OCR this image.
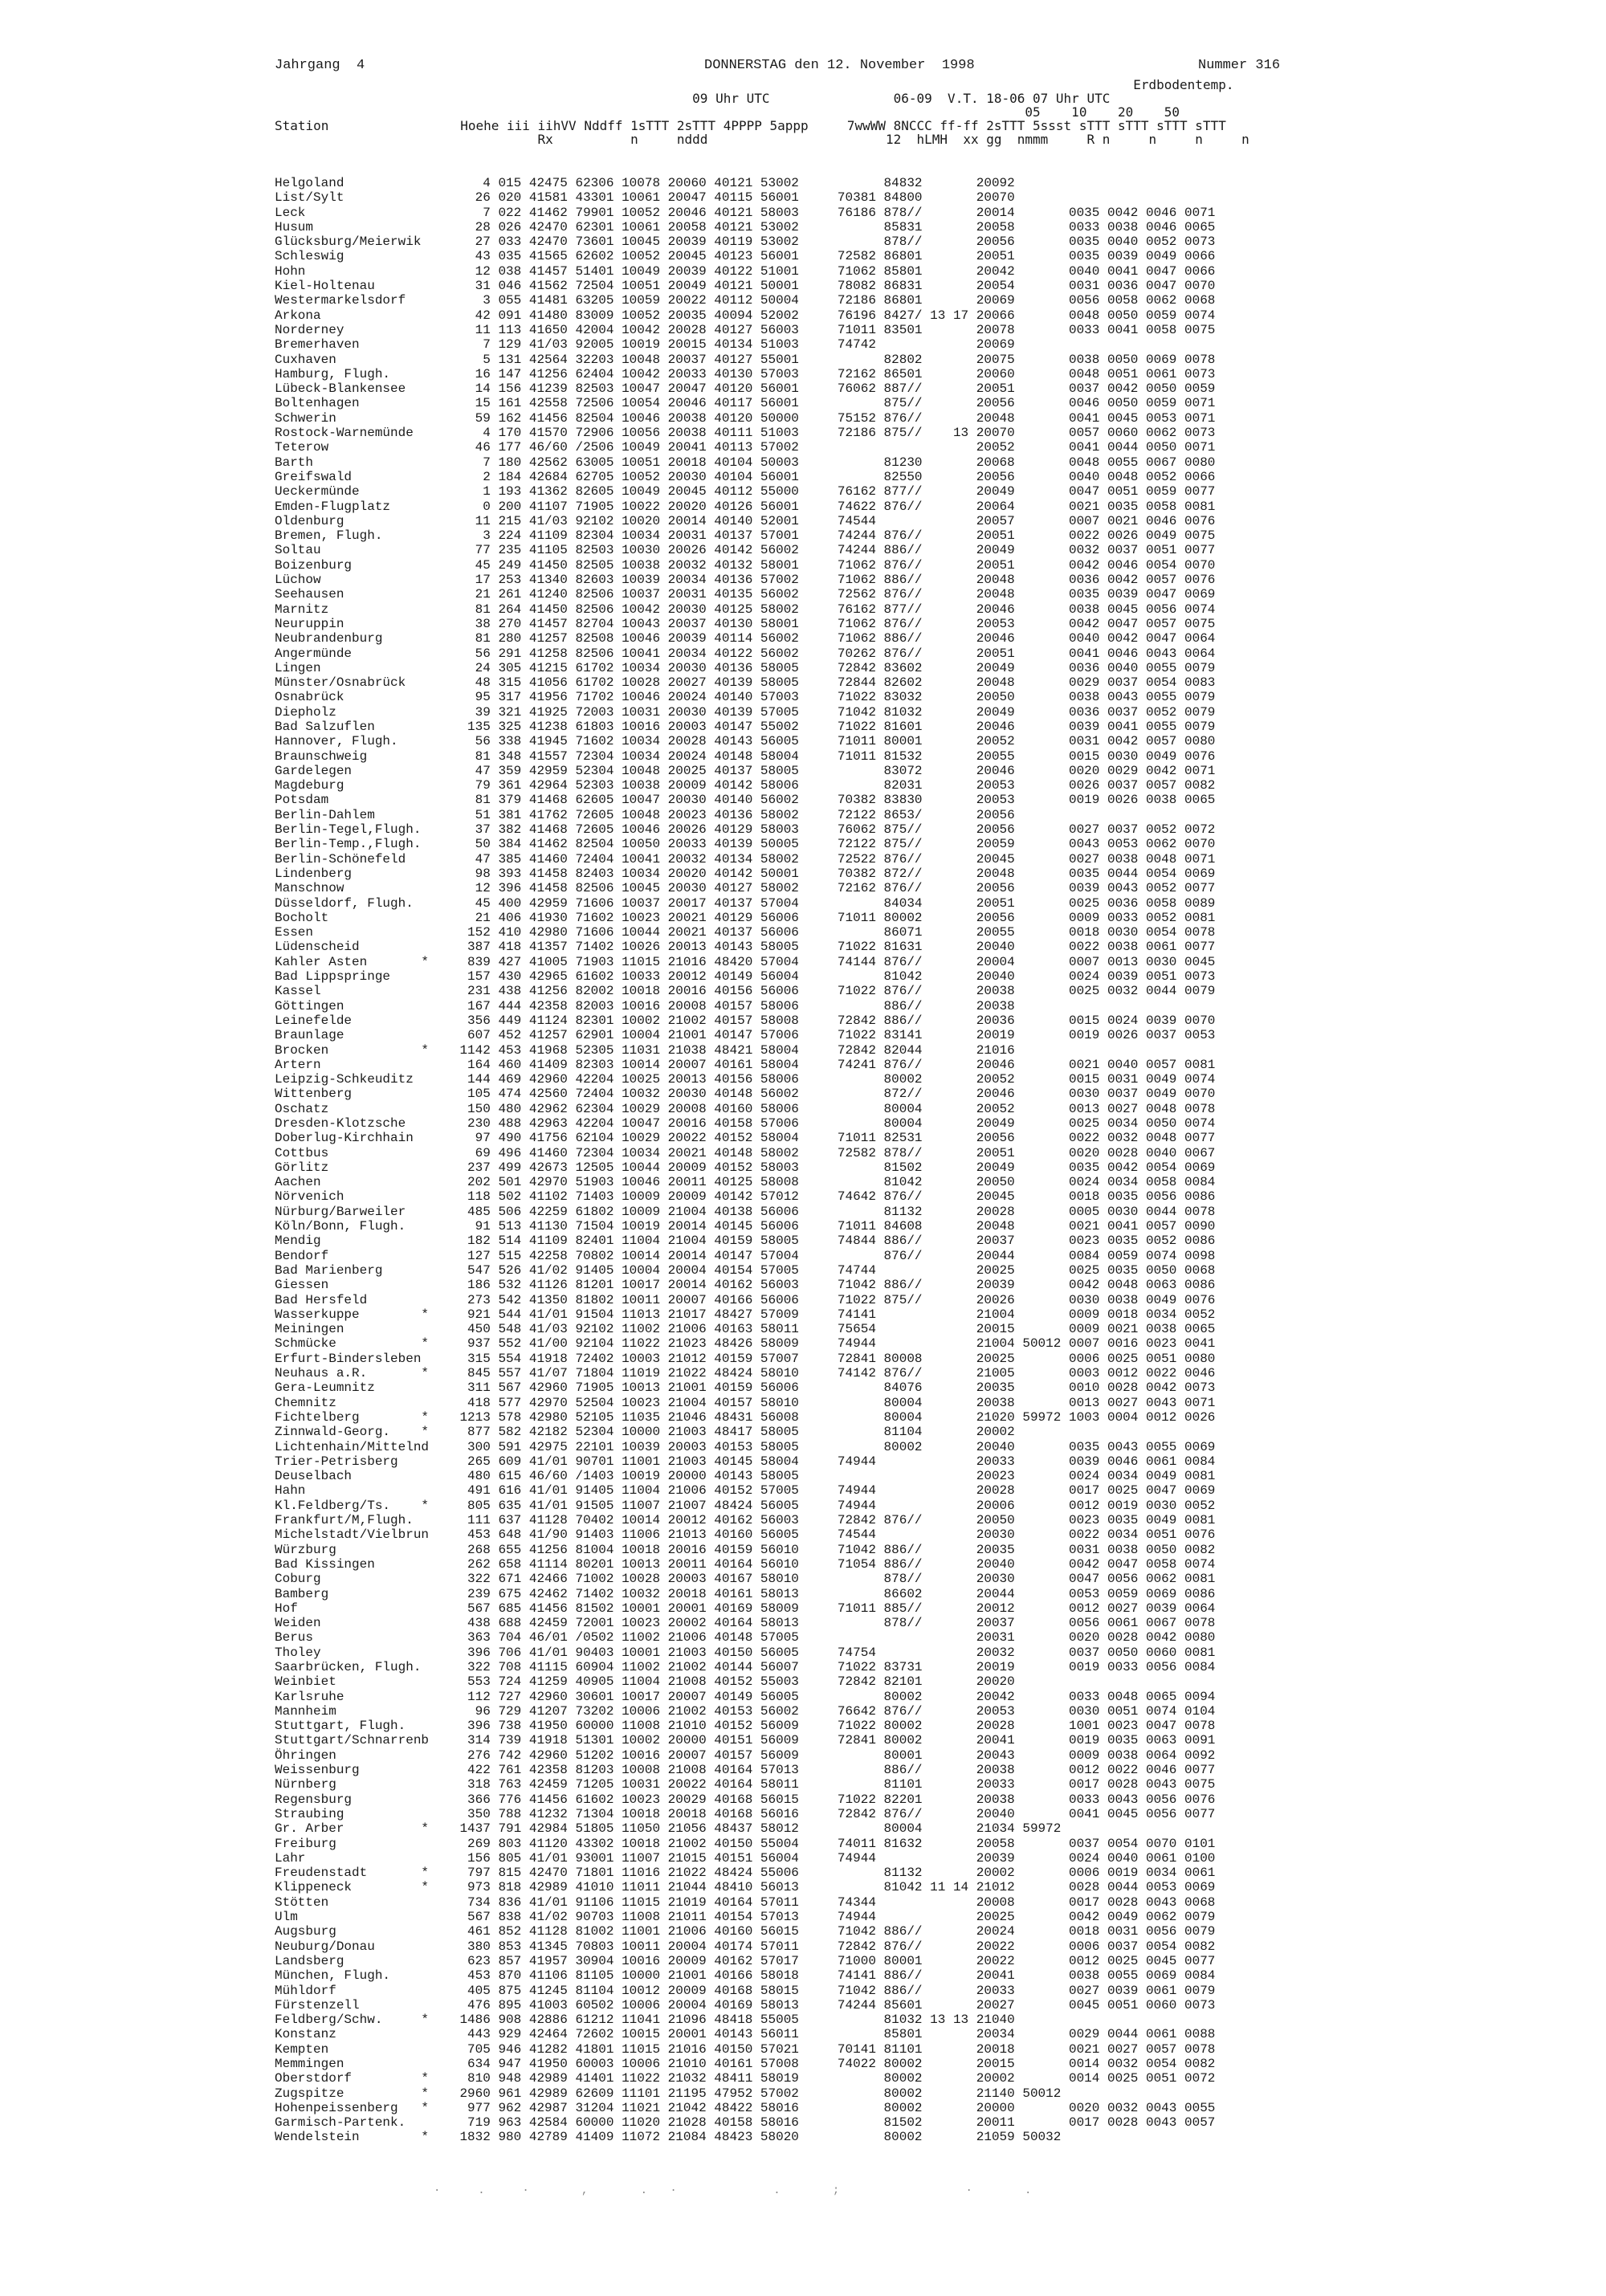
Jahrgang  4	DONNERSTAG den 12. November  1998	Nummer 316
Erdbodentemp.
09 Uhr UTC                06-09  V.T. 18-06 07 Uhr UTC
05    10    20    50
Station                 Hoehe iii iihVV Nddff 1sTTT 2sTTT 4PPPP 5appp     7wwWW 8NCCC ff-ff 2sTTT 5ssst sTTT sTTT sTTT sTTT
Rx          n     nddd                       12  hLMH  xx gg  nmmm     R n     n     n     n
Helgoland                  4 015 42475 62306 10078 20060 40121 53002           84832       20092
List/Sylt                 26 020 41581 43301 10061 20047 40115 56001     70381 84800       20070
Leck                       7 022 41462 79901 10052 20046 40121 58003     76186 878//       20014       0035 0042 0046 0071
Husum                     28 026 42470 62301 10061 20058 40121 53002           85831       20058       0033 0038 0046 0065
Glücksburg/Meierwik       27 033 42470 73601 10045 20039 40119 53002           878//       20056       0035 0040 0052 0073
Schleswig                 43 035 41565 62602 10052 20045 40123 56001     72582 86801       20051       0035 0039 0049 0066
Hohn                      12 038 41457 51401 10049 20039 40122 51001     71062 85801       20042       0040 0041 0047 0066
Kiel-Holtenau             31 046 41562 72504 10051 20049 40121 50001     78082 86831       20054       0031 0036 0047 0070
Westermarkelsdorf          3 055 41481 63205 10059 20022 40112 50004     72186 86801       20069       0056 0058 0062 0068
Arkona                    42 091 41480 83009 10052 20035 40094 52002     76196 8427/ 13 17 20066       0048 0050 0059 0074
Norderney                 11 113 41650 42004 10042 20028 40127 56003     71011 83501       20078       0033 0041 0058 0075
Bremerhaven                7 129 41/03 92005 10019 20015 40134 51003     74742             20069
Cuxhaven                   5 131 42564 32203 10048 20037 40127 55001           82802       20075       0038 0050 0069 0078
Hamburg, Flugh.           16 147 41256 62404 10042 20033 40130 57003     72162 86501       20060       0048 0051 0061 0073
Lübeck-Blankensee         14 156 41239 82503 10047 20047 40120 56001     76062 887//       20051       0037 0042 0050 0059
Boltenhagen               15 161 42558 72506 10054 20046 40117 56001           875//       20056       0046 0050 0059 0071
Schwerin                  59 162 41456 82504 10046 20038 40120 50000     75152 876//       20048       0041 0045 0053 0071
Rostock-Warnemünde         4 170 41570 72906 10056 20038 40111 51003     72186 875//    13 20070       0057 0060 0062 0073
Teterow                   46 177 46/60 /2506 10049 20041 40113 57002                       20052       0041 0044 0050 0071
Barth                      7 180 42562 63005 10051 20018 40104 50003           81230       20068       0048 0055 0067 0080
Greifswald                 2 184 42684 62705 10052 20030 40104 56001           82550       20056       0040 0048 0052 0066
Ueckermünde                1 193 41362 82605 10049 20045 40112 55000     76162 877//       20049       0047 0051 0059 0077
Emden-Flugplatz            0 200 41107 71905 10022 20020 40126 56001     74622 876//       20064       0021 0035 0058 0081
Oldenburg                 11 215 41/03 92102 10020 20014 40140 52001     74544             20057       0007 0021 0046 0076
Bremen, Flugh.             3 224 41109 82304 10034 20031 40137 57001     74244 876//       20051       0022 0026 0049 0075
Soltau                    77 235 41105 82503 10030 20026 40142 56002     74244 886//       20049       0032 0037 0051 0077
Boizenburg                45 249 41450 82505 10038 20032 40132 58001     71062 876//       20051       0042 0046 0054 0070
Lüchow                    17 253 41340 82603 10039 20034 40136 57002     71062 886//       20048       0036 0042 0057 0076
Seehausen                 21 261 41240 82506 10037 20031 40135 56002     72562 876//       20048       0035 0039 0047 0069
Marnitz                   81 264 41450 82506 10042 20030 40125 58002     76162 877//       20046       0038 0045 0056 0074
Neuruppin                 38 270 41457 82704 10043 20037 40130 58001     71062 876//       20053       0042 0047 0057 0075
Neubrandenburg            81 280 41257 82508 10046 20039 40114 56002     71062 886//       20046       0040 0042 0047 0064
Angermünde                56 291 41258 82506 10041 20034 40122 56002     70262 876//       20051       0041 0046 0043 0064
Lingen                    24 305 41215 61702 10034 20030 40136 58005     72842 83602       20049       0036 0040 0055 0079
Münster/Osnabrück         48 315 41056 61702 10028 20027 40139 58005     72844 82602       20048       0029 0037 0054 0083
Osnabrück                 95 317 41956 71702 10046 20024 40140 57003     71022 83032       20050       0038 0043 0055 0079
Diepholz                  39 321 41925 72003 10031 20030 40139 57005     71042 81032       20049       0036 0037 0052 0079
Bad Salzuflen            135 325 41238 61803 10016 20003 40147 55002     71022 81601       20046       0039 0041 0055 0079
Hannover, Flugh.          56 338 41945 71602 10034 20028 40143 56005     71011 80001       20052       0031 0042 0057 0080
Braunschweig              81 348 41557 72304 10034 20024 40148 58004     71011 81532       20055       0015 0030 0049 0076
Gardelegen                47 359 42959 52304 10048 20025 40137 58005           83072       20046       0020 0029 0042 0071
Magdeburg                 79 361 42964 52303 10038 20009 40142 58006           82031       20053       0026 0037 0057 0082
Potsdam                   81 379 41468 62605 10047 20030 40140 56002     70382 83830       20053       0019 0026 0038 0065
Berlin-Dahlem             51 381 41762 72605 10048 20023 40136 58002     72122 8653/       20056
Berlin-Tegel,Flugh.       37 382 41468 72605 10046 20026 40129 58003     76062 875//       20056       0027 0037 0052 0072
Berlin-Temp.,Flugh.       50 384 41462 82504 10050 20033 40139 50005     72122 875//       20059       0043 0053 0062 0070
Berlin-Schönefeld         47 385 41460 72404 10041 20032 40134 58002     72522 876//       20045       0027 0038 0048 0071
Lindenberg                98 393 41458 82403 10034 20020 40142 50001     70382 872//       20048       0035 0044 0054 0069
Manschnow                 12 396 41458 82506 10045 20030 40127 58002     72162 876//       20056       0039 0043 0052 0077
Düsseldorf, Flugh.        45 400 42959 71606 10037 20017 40137 57004           84034       20051       0025 0036 0058 0089
Bocholt                   21 406 41930 71602 10023 20021 40129 56006     71011 80002       20056       0009 0033 0052 0081
Essen                    152 410 42980 71606 10044 20021 40137 56006           86071       20055       0018 0030 0054 0078
Lüdenscheid              387 418 41357 71402 10026 20013 40143 58005     71022 81631       20040       0022 0038 0061 0077
Kahler Asten       *     839 427 41005 71903 11015 21016 48420 57004     74144 876//       20004       0007 0013 0030 0045
Bad Lippspringe          157 430 42965 61602 10033 20012 40149 56004           81042       20040       0024 0039 0051 0073
Kassel                   231 438 41256 82002 10018 20016 40156 56006     71022 876//       20038       0025 0032 0044 0079
Göttingen                167 444 42358 82003 10016 20008 40157 58006           886//       20038
Leinefelde               356 449 41124 82301 10002 21002 40157 58008     72842 886//       20036       0015 0024 0039 0070
Braunlage                607 452 41257 62901 10004 21001 40147 57006     71022 83141       20019       0019 0026 0037 0053
Brocken            *    1142 453 41968 52305 11031 21038 48421 58004     72842 82044       21016
Artern                   164 460 41409 82303 10014 20007 40161 58004     74241 876//       20046       0021 0040 0057 0081
Leipzig-Schkeuditz       144 469 42960 42204 10025 20013 40156 58006           80002       20052       0015 0031 0049 0074
Wittenberg               105 474 42560 72404 10032 20030 40148 56002           872//       20046       0030 0037 0049 0070
Oschatz                  150 480 42962 62304 10029 20008 40160 58006           80004       20052       0013 0027 0048 0078
Dresden-Klotzsche        230 488 42963 42204 10047 20016 40158 57006           80004       20049       0025 0034 0050 0074
Doberlug-Kirchhain        97 490 41756 62104 10029 20022 40152 58004     71011 82531       20056       0022 0032 0048 0077
Cottbus                   69 496 41460 72304 10034 20021 40148 58002     72582 878//       20051       0020 0028 0040 0067
Görlitz                  237 499 42673 12505 10044 20009 40152 58003           81502       20049       0035 0042 0054 0069
Aachen                   202 501 42970 51903 10046 20011 40125 58008           81042       20050       0024 0034 0058 0084
Nörvenich                118 502 41102 71403 10009 20009 40142 57012     74642 876//       20045       0018 0035 0056 0086
Nürburg/Barweiler        485 506 42259 61802 10009 21004 40138 56006           81132       20028       0005 0030 0044 0078
Köln/Bonn, Flugh.         91 513 41130 71504 10019 20014 40145 56006     71011 84608       20048       0021 0041 0057 0090
Mendig                   182 514 41109 82401 11004 21004 40159 58005     74844 886//       20037       0023 0035 0052 0086
Bendorf                  127 515 42258 70802 10014 20014 40147 57004           876//       20044       0084 0059 0074 0098
Bad Marienberg           547 526 41/02 91405 10004 20004 40154 57005     74744             20025       0025 0035 0050 0068
Giessen                  186 532 41126 81201 10017 20014 40162 56003     71042 886//       20039       0042 0048 0063 0086
Bad Hersfeld             273 542 41350 81802 10011 20007 40166 56006     71022 875//       20026       0030 0038 0049 0076
Wasserkuppe        *     921 544 41/01 91504 11013 21017 48427 57009     74141             21004       0009 0018 0034 0052
Meiningen                450 548 41/03 92102 11002 21006 40163 58011     75654             20015       0009 0021 0038 0065
Schmücke           *     937 552 41/00 92104 11022 21023 48426 58009     74944             21004 50012 0007 0016 0023 0041
Erfurt-Bindersleben      315 554 41918 72402 10003 21012 40159 57007     72841 80008       20025       0006 0025 0051 0080
Neuhaus a.R.       *     845 557 41/07 71804 11019 21022 48424 58010     74142 876//       21005       0003 0012 0022 0046
Gera-Leumnitz            311 567 42960 71905 10013 21001 40159 56006           84076       20035       0010 0028 0042 0073
Chemnitz                 418 577 42970 52504 10023 21004 40157 58010           80004       20038       0013 0027 0043 0071
Fichtelberg        *    1213 578 42980 52105 11035 21046 48431 56008           80004       21020 59972 1003 0004 0012 0026
Zinnwald-Georg.    *     877 582 42182 52304 10000 21003 48417 58005           81104       20002
Lichtenhain/Mittelnd     300 591 42975 22101 10039 20003 40153 58005           80002       20040       0035 0043 0055 0069
Trier-Petrisberg         265 609 41/01 90701 11001 21003 40145 58004     74944             20033       0039 0046 0061 0084
Deuselbach               480 615 46/60 /1403 10019 20000 40143 58005                       20023       0024 0034 0049 0081
Hahn                     491 616 41/01 91405 11004 21006 40152 57005     74944             20028       0017 0025 0047 0069
Kl.Feldberg/Ts.    *     805 635 41/01 91505 11007 21007 48424 56005     74944             20006       0012 0019 0030 0052
Frankfurt/M,Flugh.       111 637 41128 70402 10014 20012 40162 56003     72842 876//       20050       0023 0035 0049 0081
Michelstadt/Vielbrun     453 648 41/90 91403 11006 21013 40160 56005     74544             20030       0022 0034 0051 0076
Würzburg                 268 655 41256 81004 10018 20016 40159 56010     71042 886//       20035       0031 0038 0050 0082
Bad Kissingen            262 658 41114 80201 10013 20011 40164 56010     71054 886//       20040       0042 0047 0058 0074
Coburg                   322 671 42466 71002 10028 20003 40167 58010           878//       20030       0047 0056 0062 0081
Bamberg                  239 675 42462 71402 10032 20018 40161 58013           86602       20044       0053 0059 0069 0086
Hof                      567 685 41456 81502 10001 20001 40169 58009     71011 885//       20012       0012 0027 0039 0064
Weiden                   438 688 42459 72001 10023 20002 40164 58013           878//       20037       0056 0061 0067 0078
Berus                    363 704 46/01 /0502 11002 21006 40148 57005                       20031       0020 0028 0042 0080
Tholey                   396 706 41/01 90403 10001 21003 40150 56005     74754             20032       0037 0050 0060 0081
Saarbrücken, Flugh.      322 708 41115 60904 11002 21002 40144 56007     71022 83731       20019       0019 0033 0056 0084
Weinbiet                 553 724 41259 40905 11004 21008 40152 55003     72842 82101       20020
Karlsruhe                112 727 42960 30601 10017 20007 40149 56005           80002       20042       0033 0048 0065 0094
Mannheim                  96 729 41207 73202 10006 21002 40153 56002     76642 876//       20053       0030 0051 0074 0104
Stuttgart, Flugh.        396 738 41950 60000 11008 21010 40152 56009     71022 80002       20028       1001 0023 0047 0078
Stuttgart/Schnarrenb     314 739 41918 51301 10002 20000 40151 56009     72841 80002       20041       0019 0035 0063 0091
Öhringen                 276 742 42960 51202 10016 20007 40157 56009           80001       20043       0009 0038 0064 0092
Weissenburg              422 761 42358 81203 10008 21008 40164 57013           886//       20038       0012 0022 0046 0077
Nürnberg                 318 763 42459 71205 10031 20022 40164 58011           81101       20033       0017 0028 0043 0075
Regensburg               366 776 41456 61602 10023 20029 40168 56015     71022 82201       20038       0033 0043 0056 0076
Straubing                350 788 41232 71304 10018 20018 40168 56016     72842 876//       20040       0041 0045 0056 0077
Gr. Arber          *    1437 791 42984 51805 11050 21056 48437 58012           80004       21034 59972
Freiburg                 269 803 41120 43302 10018 21002 40150 55004     74011 81632       20058       0037 0054 0070 0101
Lahr                     156 805 41/01 93001 11007 21015 40151 56004     74944             20039       0024 0040 0061 0100
Freudenstadt       *     797 815 42470 71801 11016 21022 48424 55006           81132       20002       0006 0019 0034 0061
Klippeneck         *     973 818 42989 41010 11011 21044 48410 56013           81042 11 14 21012       0028 0044 0053 0069
Stötten                  734 836 41/01 91106 11015 21019 40164 57011     74344             20008       0017 0028 0043 0068
Ulm                      567 838 41/02 90703 11008 21011 40154 57013     74944             20025       0042 0049 0062 0079
Augsburg                 461 852 41128 81002 11001 21006 40160 56015     71042 886//       20024       0018 0031 0056 0079
Neuburg/Donau            380 853 41345 70803 10011 20004 40174 57011     72842 876//       20022       0006 0037 0054 0082
Landsberg                623 857 41957 30904 10016 20009 40162 57017     71000 80001       20022       0012 0025 0045 0077
München, Flugh.          453 870 41106 81105 10000 21001 40166 58018     74141 886//       20041       0038 0055 0069 0084
Mühldorf                 405 875 41245 81104 10012 20009 40168 58015     71042 886//       20033       0027 0039 0061 0079
Fürstenzell              476 895 41003 60502 10006 20004 40169 58013     74244 85601       20027       0045 0051 0060 0073
Feldberg/Schw.     *    1486 908 42886 61212 11041 21096 48418 55005           81032 13 13 21040
Konstanz                 443 929 42464 72602 10015 20001 40143 56011           85801       20034       0029 0044 0061 0088
Kempten                  705 946 41282 41801 11015 21016 40150 57021     70141 81101       20018       0021 0027 0057 0078
Memmingen                634 947 41950 60003 10006 21010 40161 57008     74022 80002       20015       0014 0032 0054 0082
Oberstdorf         *     810 948 42989 41401 11022 21032 48411 58019           80002       20002       0014 0025 0051 0072
Zugspitze          *    2960 961 42989 62609 11101 21195 47952 57002           80002       21140 50012
Hohenpeissenberg   *     977 962 42987 31204 11021 21042 48422 58016           80002       20000       0020 0032 0043 0055
Garmisch-Partenk.        719 963 42584 60000 11020 21028 40158 58016           81502       20011       0017 0028 0043 0057
Wendelstein        *    1832 980 42789 41409 11072 21084 48423 58020           80002       21059 50032
·  .  ·   ,   . ·      .   ;        ·   .
